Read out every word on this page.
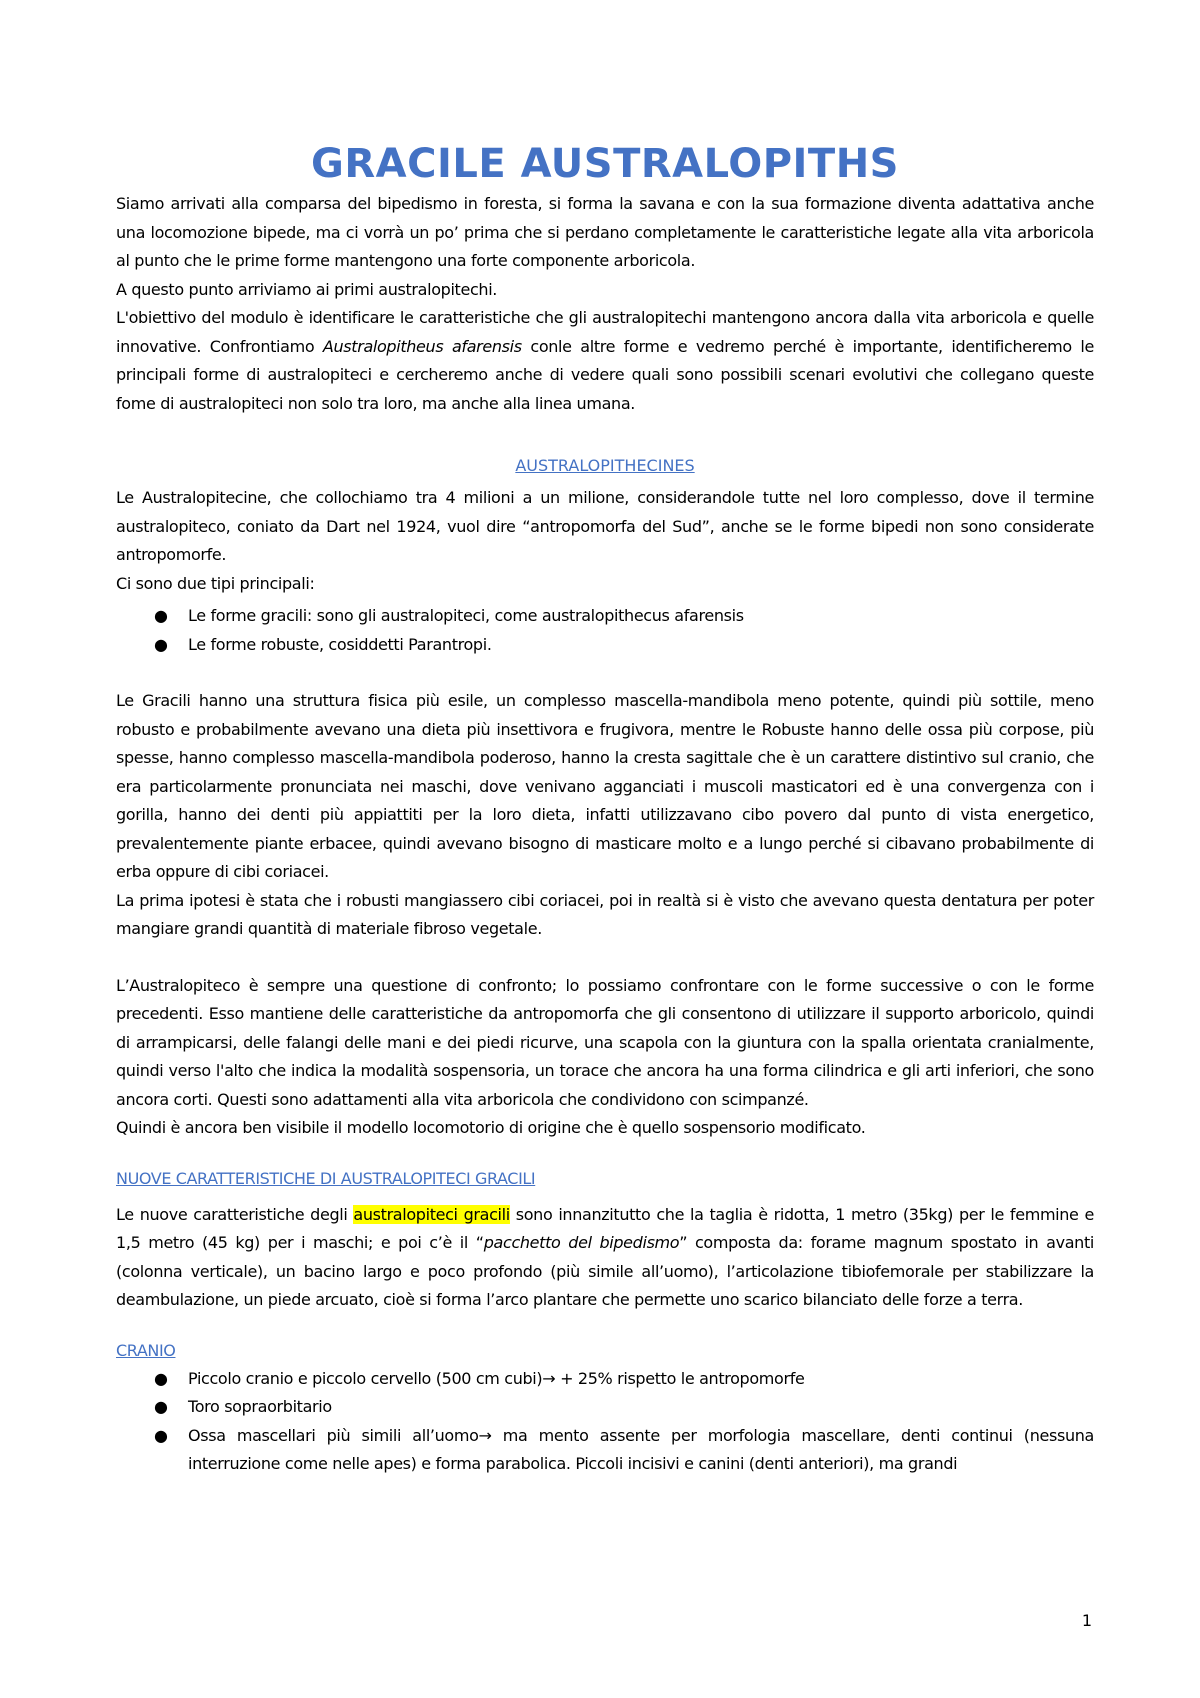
GRACILE AUSTRALOPITHS

Siamo arrivati alla comparsa del bipedismo in foresta, si forma la savana e con la sua formazione diventa adattativa anche una locomozione bipede, ma ci vorrà un po’ prima che si perdano completamente le caratteristiche legate alla vita arboricola al punto che le prime forme mantengono una forte componente arboricola.

A questo punto arriviamo ai primi australopitechi.

L'obiettivo del modulo è identificare le caratteristiche che gli australopitechi mantengono ancora dalla vita arboricola e quelle innovative. Confrontiamo Australopitheus afarensis conle altre forme e vedremo perché è importante, identificheremo le principali forme di australopiteci e cercheremo anche di vedere quali sono possibili scenari evolutivi che collegano queste fome di australopiteci non solo tra loro, ma anche alla linea umana.

AUSTRALOPITHECINES

Le Australopitecine, che collochiamo tra 4 milioni a un milione, considerandole tutte nel loro complesso, dove il termine australopiteco, coniato da Dart nel 1924, vuol dire “antropomorfa del Sud”, anche se le forme bipedi non sono considerate antropomorfe.

Ci sono due tipi principali:

● Le forme gracili: sono gli australopiteci, come australopithecus afarensis
● Le forme robuste, cosiddetti Parantropi.

Le Gracili hanno una struttura fisica più esile, un complesso mascella-mandibola meno potente, quindi più sottile, meno robusto e probabilmente avevano una dieta più insettivora e frugivora, mentre le Robuste hanno delle ossa più corpose, più spesse, hanno complesso mascella-mandibola poderoso, hanno la cresta sagittale che è un carattere distintivo sul cranio, che era particolarmente pronunciata nei maschi, dove venivano agganciati i muscoli masticatori ed è una convergenza con i gorilla, hanno dei denti più appiattiti per la loro dieta, infatti utilizzavano cibo povero dal punto di vista energetico, prevalentemente piante erbacee, quindi avevano bisogno di masticare molto e a lungo perché si cibavano probabilmente di erba oppure di cibi coriacei.

La prima ipotesi è stata che i robusti mangiassero cibi coriacei, poi in realtà si è visto che avevano questa dentatura per poter mangiare grandi quantità di materiale fibroso vegetale.

L’Australopiteco è sempre una questione di confronto; lo possiamo confrontare con le forme successive o con le forme precedenti. Esso mantiene delle caratteristiche da antropomorfa che gli consentono di utilizzare il supporto arboricolo, quindi di arrampicarsi, delle falangi delle mani e dei piedi ricurve, una scapola con la giuntura con la spalla orientata cranialmente, quindi verso l'alto che indica la modalità sospensoria, un torace che ancora ha una forma cilindrica e gli arti inferiori, che sono ancora corti. Questi sono adattamenti alla vita arboricola che condividono con scimpanzé.

Quindi è ancora ben visibile il modello locomotorio di origine che è quello sospensorio modificato.

NUOVE CARATTERISTICHE DI AUSTRALOPITECI GRACILI

Le nuove caratteristiche degli australopiteci gracili sono innanzitutto che la taglia è ridotta, 1 metro (35kg) per le femmine e 1,5 metro (45 kg) per i maschi; e poi c’è il “pacchetto del bipedismo” composta da: forame magnum spostato in avanti (colonna verticale), un bacino largo e poco profondo (più simile all’uomo), l’articolazione tibiofemorale per stabilizzare la deambulazione, un piede arcuato, cioè si forma l’arco plantare che permette uno scarico bilanciato delle forze a terra.

CRANIO
● Piccolo cranio e piccolo cervello (500 cm cubi)→ + 25% rispetto le antropomorfe
● Toro sopraorbitario
● Ossa mascellari più simili all’uomo→ ma mento assente per morfologia mascellare, denti continui (nessuna interruzione come nelle apes) e forma parabolica. Piccoli incisivi e canini (denti anteriori), ma grandi
1
